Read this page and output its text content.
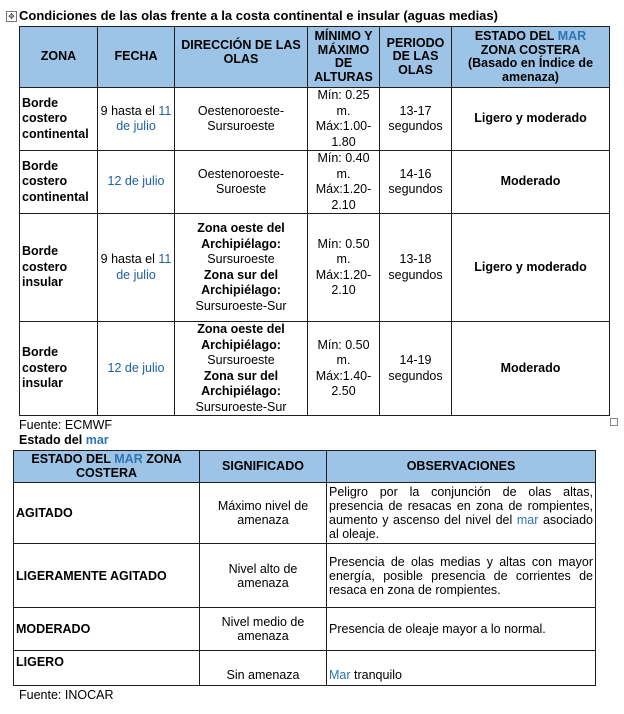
✥ Condiciones de las olas frente a la costa continental e insular (aguas medias)
ZONA	FECHA	DIRECCIÓN DE LAS OLAS	MÍNIMO Y MÁXIMO DE ALTURAS	PERIODO DE LAS OLAS	ESTADO DEL MAR
ZONA COSTERA
(Basado en Índice de amenaza)
Borde costero continental	9 hasta el 11 de julio	Oestenoroeste-Sursuroeste	Mín: 0.25 m. Máx:1.00-1.80	13-17 segundos	Ligero y moderado
Borde costero continental	12 de julio	Oestenoroeste-Suroeste	Mín: 0.40 m. Máx:1.20-2.10	14-16 segundos	Moderado
Borde costero insular	9 hasta el 11 de julio	Zona oeste del Archipiélago:
Sursuroeste
Zona sur del Archipiélago:
Sursuroeste-Sur	Mín: 0.50 m. Máx:1.20-2.10	13-18 segundos	Ligero y moderado
Borde costero insular	12 de julio	Zona oeste del Archipiélago:
Sursuroeste
Zona sur del Archipiélago:
Sursuroeste-Sur	Mín: 0.50 m. Máx:1.40-2.50	14-19 segundos	Moderado
Fuente: ECMWF
Estado del mar
ESTADO DEL MAR ZONA COSTERA	SIGNIFICADO	OBSERVACIONES
AGITADO	Máximo nivel de amenaza	Peligro por la conjunción de olas altas, presencia de resacas en zona de rompientes, aumento y ascenso del nivel del mar asociado al oleaje.
LIGERAMENTE AGITADO	Nivel alto de amenaza	Presencia de olas medias y altas con mayor energía, posible presencia de corrientes de resaca en zona de rompientes.
MODERADO	Nivel medio de amenaza	Presencia de oleaje mayor a lo normal.
LIGERO	Sin amenaza	Mar tranquilo
Fuente: INOCAR
